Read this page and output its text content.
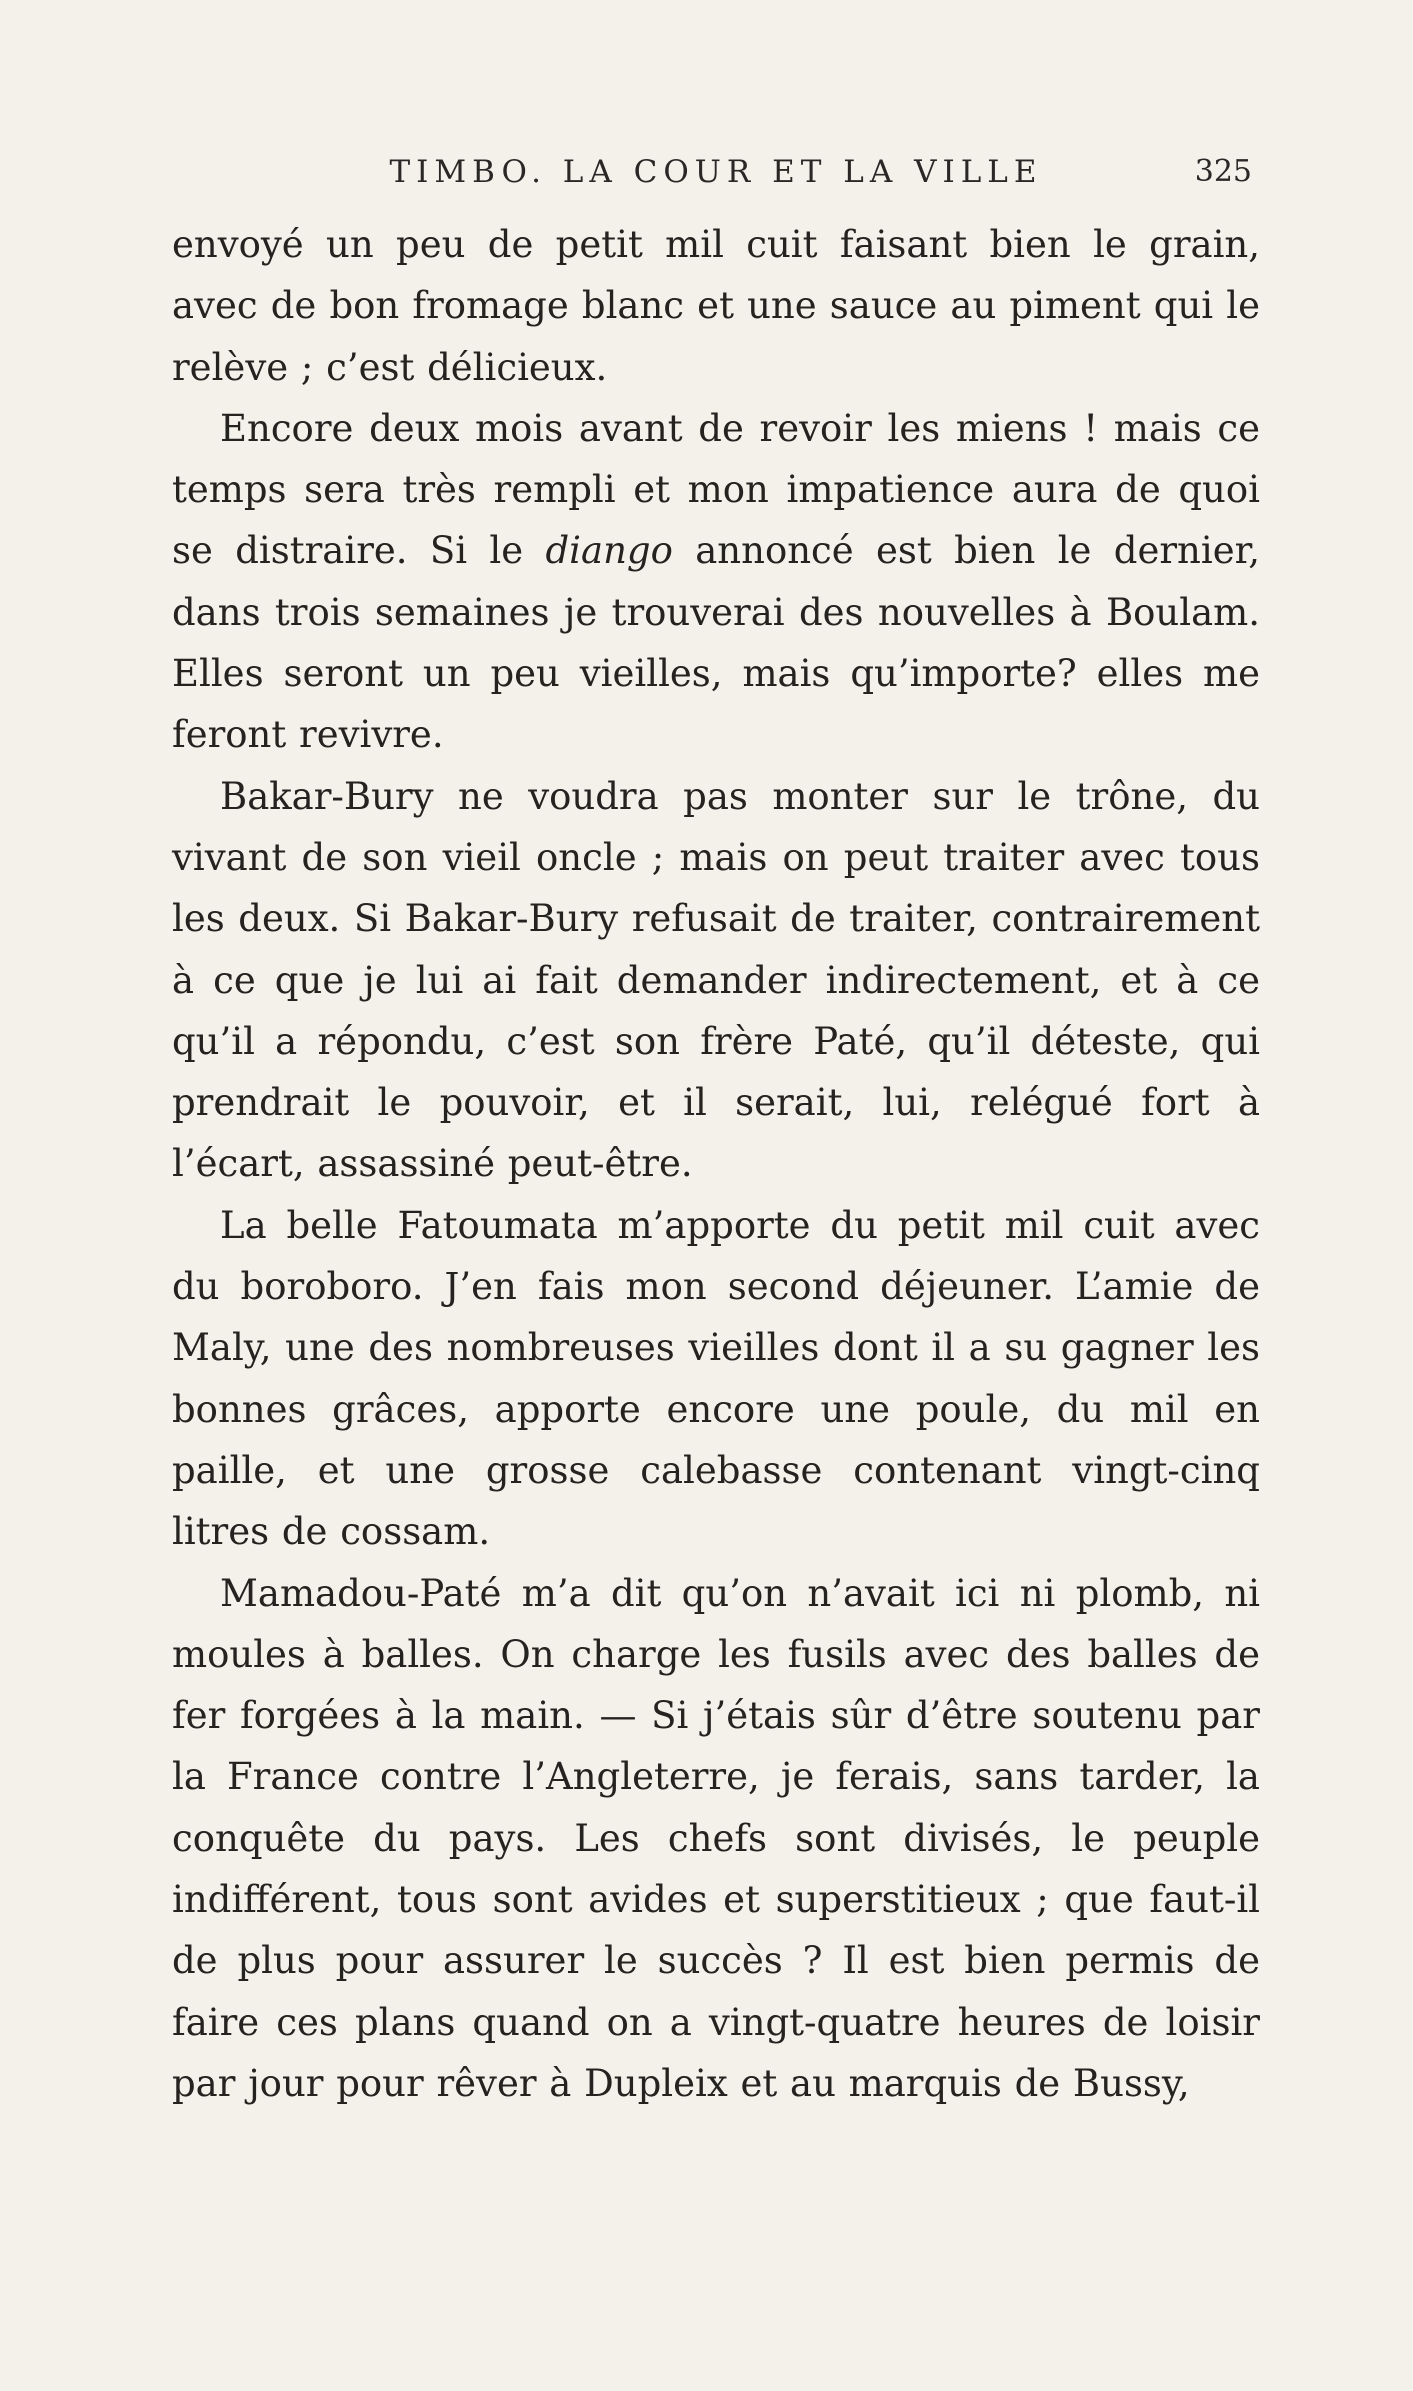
TIMBO. LA COUR ET LA VILLE	325

envoyé un peu de petit mil cuit faisant bien le grain, avec de bon fromage blanc et une sauce au piment qui le relève ; c’est délicieux.

Encore deux mois avant de revoir les miens ! mais ce temps sera très rempli et mon impatience aura de quoi se distraire. Si le diango annoncé est bien le dernier, dans trois semaines je trouverai des nouvelles à Boulam. Elles seront un peu vieilles, mais qu’importe? elles me feront revivre.

Bakar-Bury ne voudra pas monter sur le trône, du vivant de son vieil oncle ; mais on peut traiter avec tous les deux. Si Bakar-Bury refusait de traiter, contrairement à ce que je lui ai fait demander indirectement, et à ce qu’il a répondu, c’est son frère Paté, qu’il déteste, qui prendrait le pouvoir, et il serait, lui, relégué fort à l’écart, assassiné peut-être.

La belle Fatoumata m’apporte du petit mil cuit avec du boroboro. J’en fais mon second déjeuner. L’amie de Maly, une des nombreuses vieilles dont il a su gagner les bonnes grâces, apporte encore une poule, du mil en paille, et une grosse calebasse contenant vingt-cinq litres de cossam.

Mamadou-Paté m’a dit qu’on n’avait ici ni plomb, ni moules à balles. On charge les fusils avec des balles de fer forgées à la main. — Si j’étais sûr d’être soutenu par la France contre l’Angleterre, je ferais, sans tarder, la conquête du pays. Les chefs sont divisés, le peuple indifférent, tous sont avides et superstitieux ; que faut-il de plus pour assurer le succès ? Il est bien permis de faire ces plans quand on a vingt-quatre heures de loisir par jour pour rêver à Dupleix et au marquis de Bussy,
